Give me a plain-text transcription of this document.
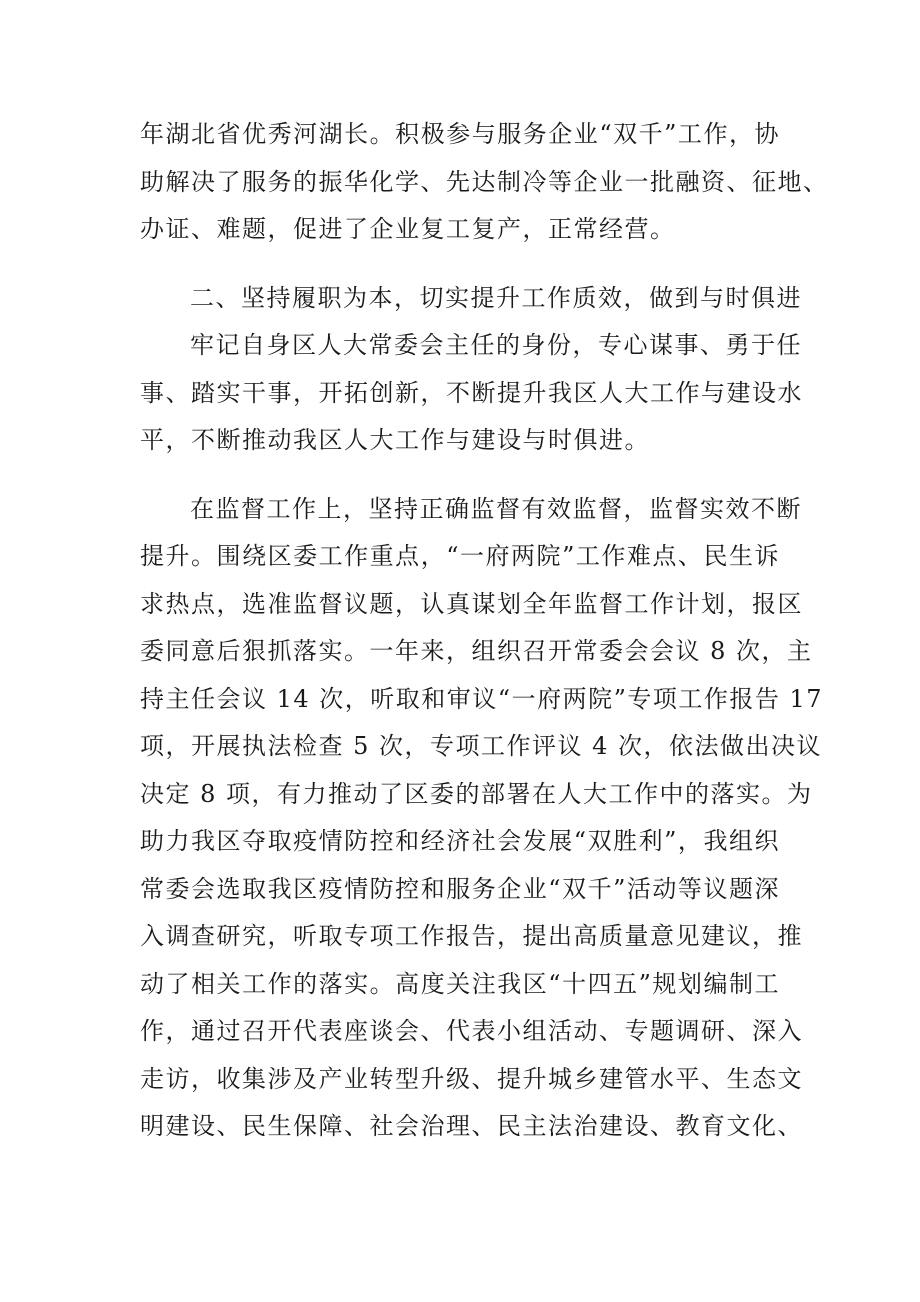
年湖北省优秀河湖长。积极参与服务企业“双千”工作，协
助解决了服务的振华化学、先达制冷等企业一批融资、征地、
办证、难题，促进了企业复工复产，正常经营。
二、坚持履职为本，切实提升工作质效，做到与时俱进
牢记自身区人大常委会主任的身份，专心谋事、勇于任
事、踏实干事，开拓创新，不断提升我区人大工作与建设水
平，不断推动我区人大工作与建设与时俱进。
在监督工作上，坚持正确监督有效监督，监督实效不断
提升。围绕区委工作重点，“一府两院”工作难点、民生诉
求热点，选准监督议题，认真谋划全年监督工作计划，报区
委同意后狠抓落实。一年来，组织召开常委会会议 8 次，主
持主任会议 14 次，听取和审议“一府两院”专项工作报告 17
项，开展执法检查 5 次，专项工作评议 4 次，依法做出决议
决定 8 项，有力推动了区委的部署在人大工作中的落实。为
助力我区夺取疫情防控和经济社会发展“双胜利”，我组织
常委会选取我区疫情防控和服务企业“双千”活动等议题深
入调查研究，听取专项工作报告，提出高质量意见建议，推
动了相关工作的落实。高度关注我区“十四五”规划编制工
作，通过召开代表座谈会、代表小组活动、专题调研、深入
走访，收集涉及产业转型升级、提升城乡建管水平、生态文
明建设、民生保障、社会治理、民主法治建设、教育文化、
